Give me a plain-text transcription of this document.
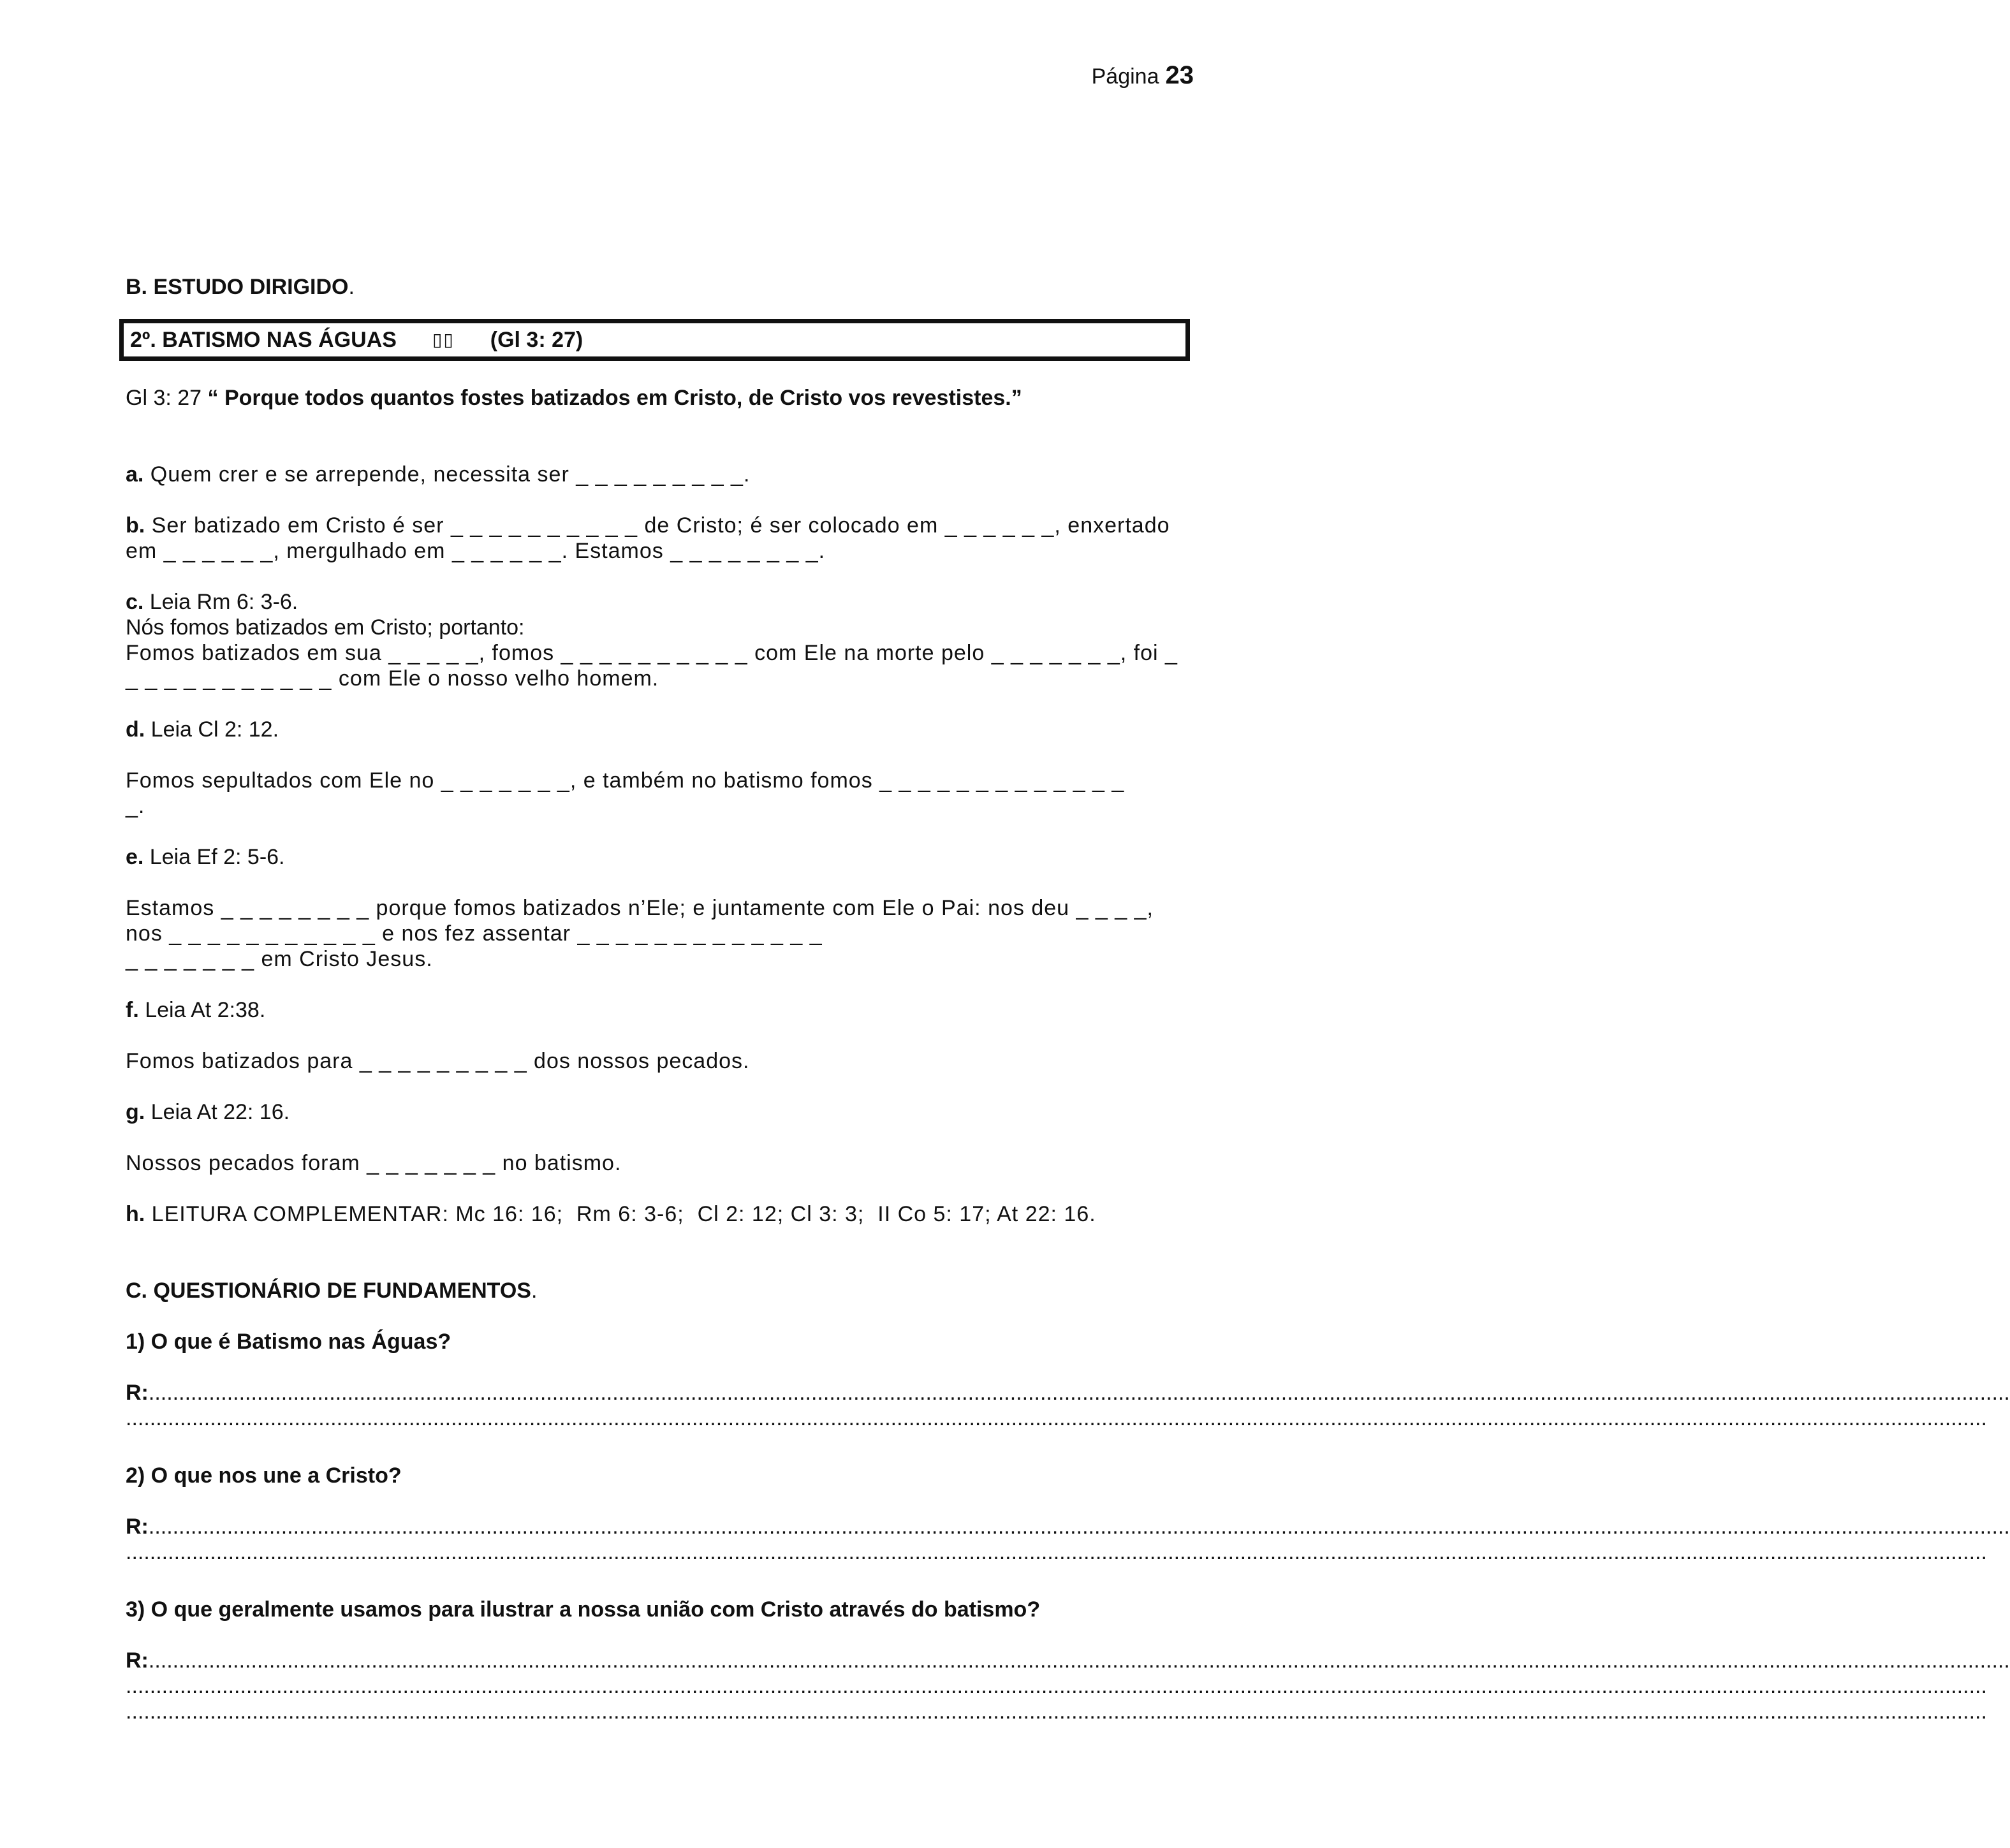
Página 23

B. ESTUDO DIRIGIDO.

2º. BATISMO NAS ÁGUAS ▯▯ (Gl 3: 27)

Gl 3: 27 “ Porque todos quantos fostes batizados em Cristo, de Cristo vos revestistes.”

a. Quem crer e se arrepende, necessita ser _ _ _ _ _ _ _ _ _.

b. Ser batizado em Cristo é ser _ _ _ _ _ _ _ _ _ _ de Cristo; é ser colocado em _ _ _ _ _ _, enxertado
em _ _ _ _ _ _, mergulhado em _ _ _ _ _ _. Estamos _ _ _ _ _ _ _ _.

c. Leia Rm 6: 3-6.
Nós fomos batizados em Cristo; portanto:
Fomos batizados em sua _ _ _ _ _, fomos _ _ _ _ _ _ _ _ _ _ com Ele na morte pelo _ _ _ _ _ _ _, foi _
_ _ _ _ _ _ _ _ _ _ _ com Ele o nosso velho homem.

d. Leia Cl 2: 12.

Fomos sepultados com Ele no _ _ _ _ _ _ _, e também no batismo fomos _ _ _ _ _ _ _ _ _ _ _ _ _
_.

e. Leia Ef 2: 5-6.

Estamos _ _ _ _ _ _ _ _ porque fomos batizados n’Ele; e juntamente com Ele o Pai: nos deu _ _ _ _,
nos _ _ _ _ _ _ _ _ _ _ _ e nos fez assentar _ _ _ _ _ _ _ _ _ _ _ _ _
_ _ _ _ _ _ _ em Cristo Jesus.

f. Leia At 2:38.

Fomos batizados para _ _ _ _ _ _ _ _ _ dos nossos pecados.

g. Leia At 22: 16.

Nossos pecados foram _ _ _ _ _ _ _ no batismo.

h. LEITURA COMPLEMENTAR: Mc 16: 16;  Rm 6: 3-6;  Cl 2: 12; Cl 3: 3;  II Co 5: 17; At 22: 16.

C. QUESTIONÁRIO DE FUNDAMENTOS.

1) O que é Batismo nas Águas?

R:.....................................................................................................................................................................................................................................................................................................................
.....................................................................................................................................................................................................................................................................................................................

2) O que nos une a Cristo?

R:.....................................................................................................................................................................................................................................................................................................................
.....................................................................................................................................................................................................................................................................................................................

3) O que geralmente usamos para ilustrar a nossa união com Cristo através do batismo?

R:.....................................................................................................................................................................................................................................................................................................................
.....................................................................................................................................................................................................................................................................................................................
.....................................................................................................................................................................................................................................................................................................................
